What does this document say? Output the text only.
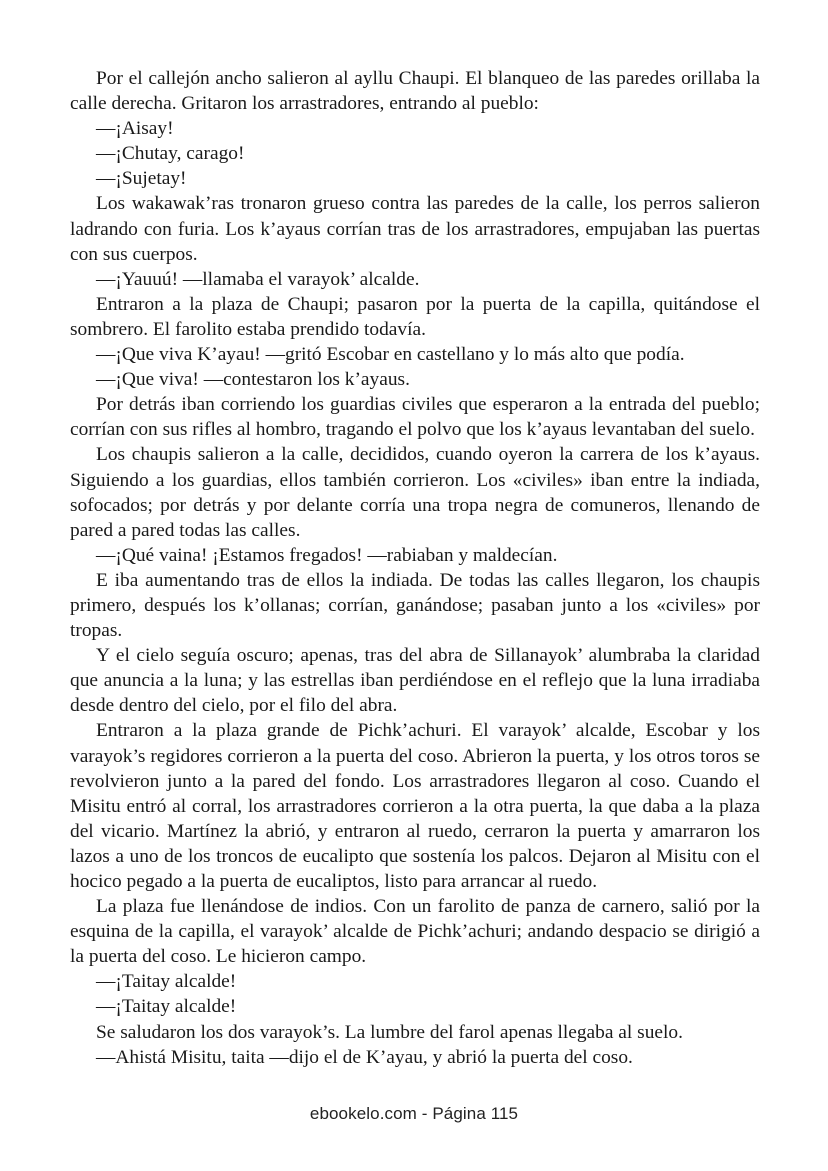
Por el callejón ancho salieron al ayllu Chaupi. El blanqueo de las paredes orillaba la calle derecha. Gritaron los arrastradores, entrando al pueblo:

—¡Aisay!

—¡Chutay, carago!

—¡Sujetay!

Los wakawak’ras tronaron grueso contra las paredes de la calle, los perros salieron ladrando con furia. Los k’ayaus corrían tras de los arrastradores, empujaban las puertas con sus cuerpos.

—¡Yauuú! —llamaba el varayok’ alcalde.

Entraron a la plaza de Chaupi; pasaron por la puerta de la capilla, quitándose el sombrero. El farolito estaba prendido todavía.

—¡Que viva K’ayau! —gritó Escobar en castellano y lo más alto que podía.

—¡Que viva! —contestaron los k’ayaus.

Por detrás iban corriendo los guardias civiles que esperaron a la entrada del pueblo; corrían con sus rifles al hombro, tragando el polvo que los k’ayaus levantaban del suelo.

Los chaupis salieron a la calle, decididos, cuando oyeron la carrera de los k’ayaus. Siguiendo a los guardias, ellos también corrieron. Los «civiles» iban entre la indiada, sofocados; por detrás y por delante corría una tropa negra de comuneros, llenando de pared a pared todas las calles.

—¡Qué vaina! ¡Estamos fregados! —rabiaban y maldecían.

E iba aumentando tras de ellos la indiada. De todas las calles llegaron, los chaupis primero, después los k’ollanas; corrían, ganándose; pasaban junto a los «civiles» por tropas.

Y el cielo seguía oscuro; apenas, tras del abra de Sillanayok’ alumbraba la claridad que anuncia a la luna; y las estrellas iban perdiéndose en el reflejo que la luna irradiaba desde dentro del cielo, por el filo del abra.

Entraron a la plaza grande de Pichk’achuri. El varayok’ alcalde, Escobar y los varayok’s regidores corrieron a la puerta del coso. Abrieron la puerta, y los otros toros se revolvieron junto a la pared del fondo. Los arrastradores llegaron al coso. Cuando el Misitu entró al corral, los arrastradores corrieron a la otra puerta, la que daba a la plaza del vicario. Martínez la abrió, y entraron al ruedo, cerraron la puerta y amarraron los lazos a uno de los troncos de eucalipto que sostenía los palcos. Dejaron al Misitu con el hocico pegado a la puerta de eucaliptos, listo para arrancar al ruedo.

La plaza fue llenándose de indios. Con un farolito de panza de carnero, salió por la esquina de la capilla, el varayok’ alcalde de Pichk’achuri; andando despacio se dirigió a la puerta del coso. Le hicieron campo.

—¡Taitay alcalde!

—¡Taitay alcalde!

Se saludaron los dos varayok’s. La lumbre del farol apenas llegaba al suelo.

—Ahistá Misitu, taita —dijo el de K’ayau, y abrió la puerta del coso.

ebookelo.com - Página 115
